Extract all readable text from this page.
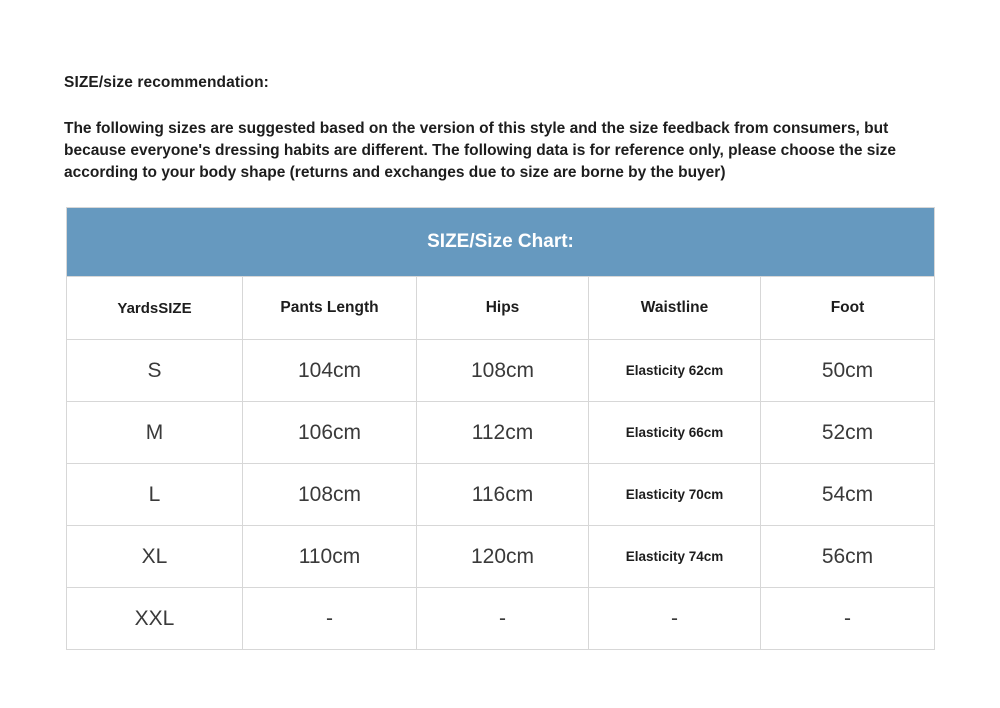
SIZE/size recommendation:

The following sizes are suggested based on the version of this style and the size feedback from consumers, but because everyone's dressing habits are different. The following data is for reference only, please choose the size according to your body shape (returns and exchanges due to size are borne by the buyer)

SIZE/Size Chart:				
YardsSIZE	Pants Length	Hips	Waistline	Foot
S	104cm	108cm	Elasticity 62cm	50cm
M	106cm	112cm	Elasticity 66cm	52cm
L	108cm	116cm	Elasticity 70cm	54cm
XL	110cm	120cm	Elasticity 74cm	56cm
XXL	-	-	-	-
